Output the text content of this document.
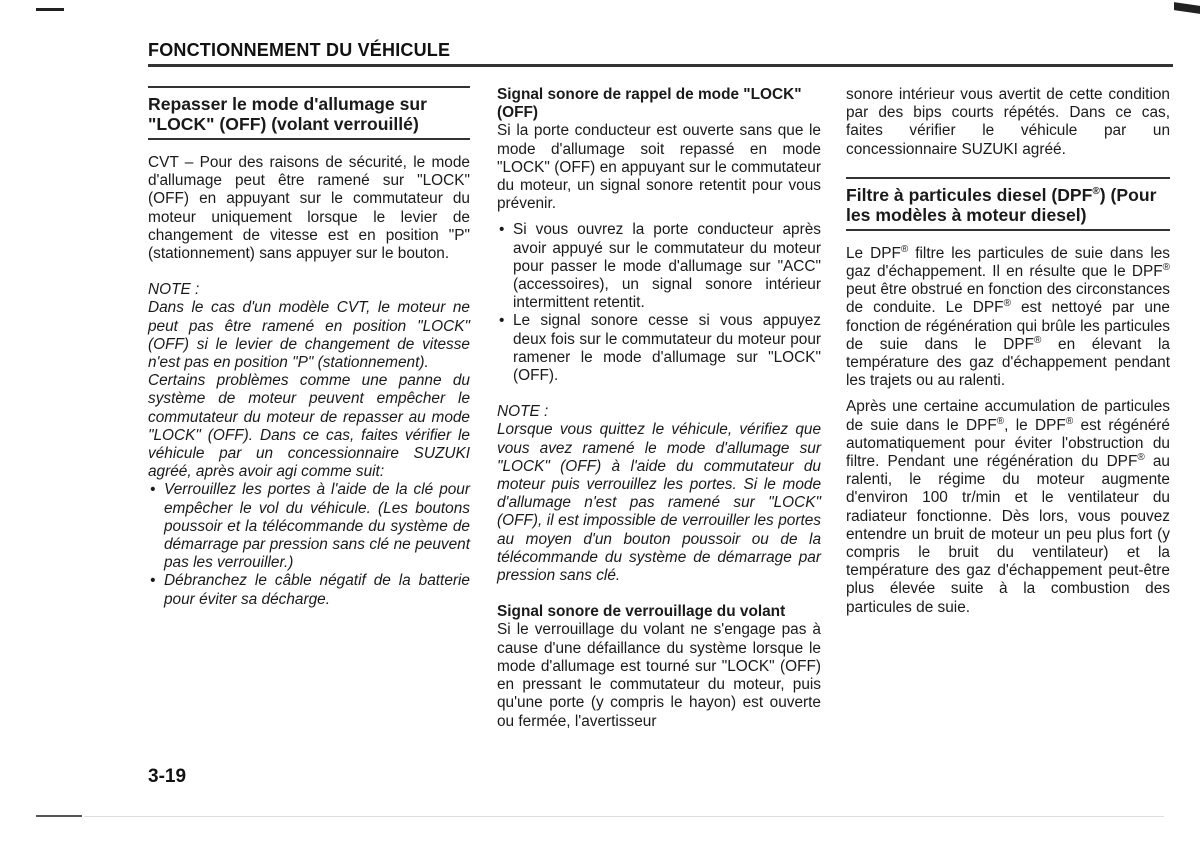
FONCTIONNEMENT DU VÉHICULE
Repasser le mode d'allumage sur "LOCK" (OFF) (volant verrouillé)

CVT – Pour des raisons de sécurité, le mode d'allumage peut être ramené sur "LOCK" (OFF) en appuyant sur le commutateur du moteur uniquement lorsque le levier de changement de vitesse est en position "P" (stationnement) sans appuyer sur le bouton.

NOTE :

Dans le cas d'un modèle CVT, le moteur ne peut pas être ramené en position "LOCK" (OFF) si le levier de changement de vitesse n'est pas en position "P" (stationnement).

Certains problèmes comme une panne du système de moteur peuvent empêcher le commutateur du moteur de repasser au mode "LOCK" (OFF). Dans ce cas, faites vérifier le véhicule par un concessionnaire SUZUKI agréé, après avoir agi comme suit:

• Verrouillez les portes à l'aide de la clé pour empêcher le vol du véhicule. (Les boutons poussoir et la télécommande du système de démarrage par pression sans clé ne peuvent pas les verrouiller.)
• Débranchez le câble négatif de la batterie pour éviter sa décharge.
Signal sonore de rappel de mode "LOCK" (OFF)

Si la porte conducteur est ouverte sans que le mode d'allumage soit repassé en mode "LOCK" (OFF) en appuyant sur le commutateur du moteur, un signal sonore retentit pour vous prévenir.

• Si vous ouvrez la porte conducteur après avoir appuyé sur le commutateur du moteur pour passer le mode d'allumage sur "ACC" (accessoires), un signal sonore intérieur intermittent retentit.
• Le signal sonore cesse si vous appuyez deux fois sur le commutateur du moteur pour ramener le mode d'allumage sur "LOCK" (OFF).

NOTE :

Lorsque vous quittez le véhicule, vérifiez que vous avez ramené le mode d'allumage sur "LOCK" (OFF) à l'aide du commutateur du moteur puis verrouillez les portes. Si le mode d'allumage n'est pas ramené sur "LOCK" (OFF), il est impossible de verrouiller les portes au moyen d'un bouton poussoir ou de la télécommande du système de démarrage par pression sans clé.

Signal sonore de verrouillage du volant

Si le verrouillage du volant ne s'engage pas à cause d'une défaillance du système lorsque le mode d'allumage est tourné sur "LOCK" (OFF) en pressant le commutateur du moteur, puis qu'une porte (y compris le hayon) est ouverte ou fermée, l'avertisseur

sonore intérieur vous avertit de cette condition par des bips courts répétés. Dans ce cas, faites vérifier le véhicule par un concessionnaire SUZUKI agréé.

Filtre à particules diesel (DPF®) (Pour les modèles à moteur diesel)

Le DPF® filtre les particules de suie dans les gaz d'échappement. Il en résulte que le DPF® peut être obstrué en fonction des circonstances de conduite. Le DPF® est nettoyé par une fonction de régénération qui brûle les particules de suie dans le DPF® en élevant la température des gaz d'échappement pendant les trajets ou au ralenti.

Après une certaine accumulation de particules de suie dans le DPF®, le DPF® est régénéré automatiquement pour éviter l'obstruction du filtre. Pendant une régénération du DPF® au ralenti, le régime du moteur augmente d'environ 100 tr/min et le ventilateur du radiateur fonctionne. Dès lors, vous pouvez entendre un bruit de moteur un peu plus fort (y compris le bruit du ventilateur) et la température des gaz d'échappement peut-être plus élevée suite à la combustion des particules de suie.

3-19
